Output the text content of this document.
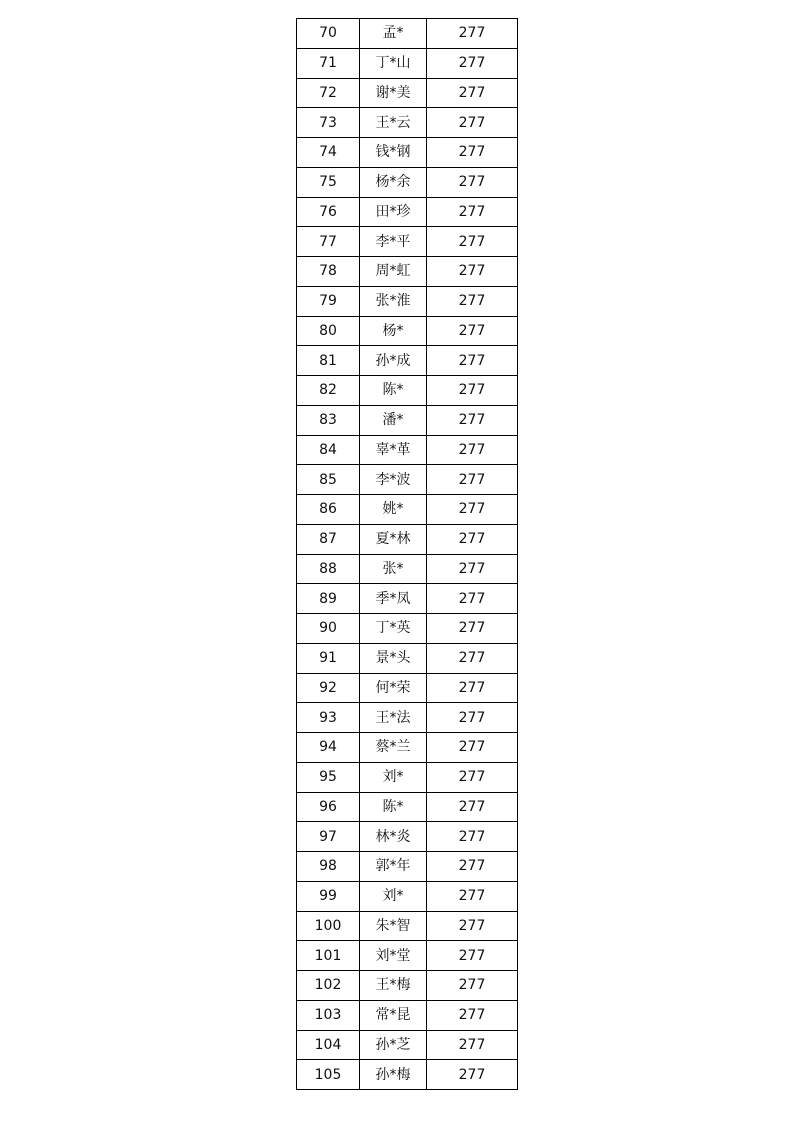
70	孟*	277
71	丁*山	277
72	谢*美	277
73	王*云	277
74	钱*钢	277
75	杨*余	277
76	田*珍	277
77	李*平	277
78	周*虹	277
79	张*淮	277
80	杨*	277
81	孙*成	277
82	陈*	277
83	潘*	277
84	辜*革	277
85	李*波	277
86	姚*	277
87	夏*林	277
88	张*	277
89	季*凤	277
90	丁*英	277
91	景*头	277
92	何*荣	277
93	王*法	277
94	蔡*兰	277
95	刘*	277
96	陈*	277
97	林*炎	277
98	郭*年	277
99	刘*	277
100	朱*智	277
101	刘*堂	277
102	王*梅	277
103	常*昆	277
104	孙*芝	277
105	孙*梅	277
